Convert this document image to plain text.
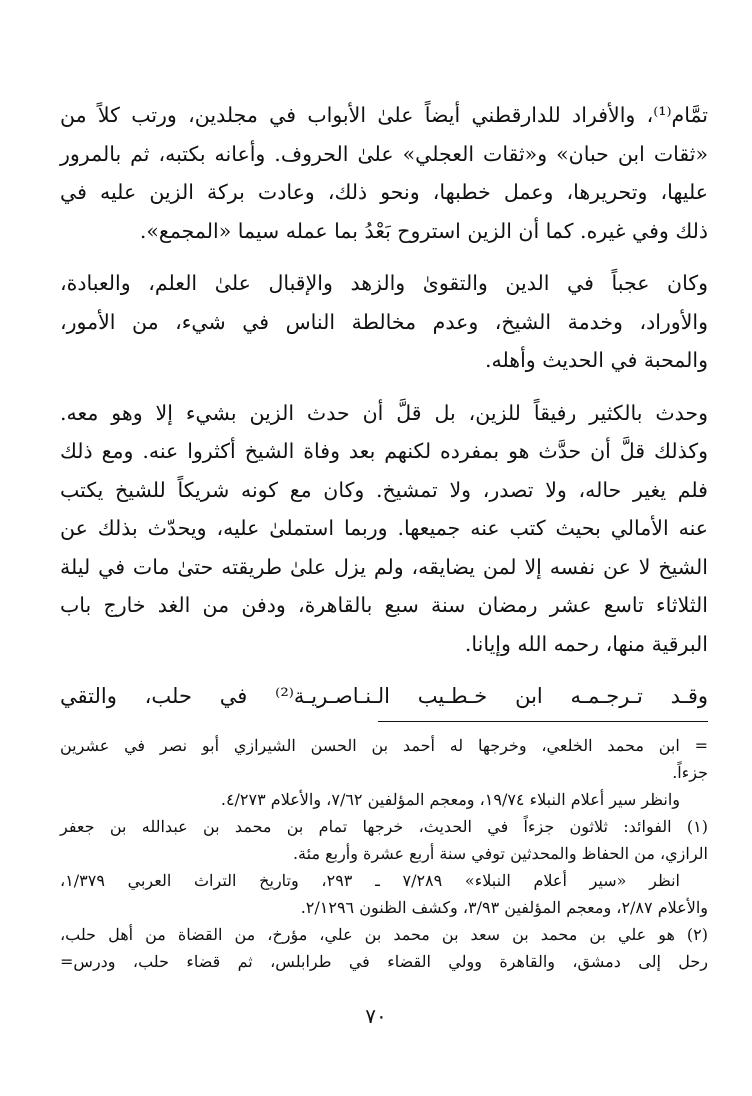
تمَّام⁽¹⁾، والأفراد للدارقطني أيضاً علىٰ الأبواب في مجلدين، ورتب كلاً من
«ثقات ابن حبان» و«ثقات العجلي» علىٰ الحروف. وأعانه بكتبه، ثم بالمرور
عليها، وتحريرها، وعمل خطبها، ونحو ذلك، وعادت بركة الزين عليه في
ذلك وفي غيره. كما أن الزين استروح بَعْدُ بما عمله سيما «المجمع».
وكان عجباً في الدين والتقوىٰ والزهد والإقبال علىٰ العلم، والعبادة،
والأوراد، وخدمة الشيخ، وعدم مخالطة الناس في شيء، من الأمور،
والمحبة في الحديث وأهله.
وحدث بالكثير رفيقاً للزين، بل قلَّ أن حدث الزين بشيء إلا وهو معه.
وكذلك قلَّ أن حدَّث هو بمفرده لكنهم بعد وفاة الشيخ أكثروا عنه. ومع ذلك
فلم يغير حاله، ولا تصدر، ولا تمشيخ. وكان مع كونه شريكاً للشيخ يكتب
عنه الأمالي بحيث كتب عنه جميعها. وربما استملىٰ عليه، ويحدّث بذلك عن
الشيخ لا عن نفسه إلا لمن يضايقه، ولم يزل علىٰ طريقته حتىٰ مات في ليلة
الثلاثاء تاسع عشر رمضان سنة سبع بالقاهرة، ودفن من الغد خارج باب
البرقية منها، رحمه الله وإيانا.
وقـد تـرجـمـه ابن خـطـيب الـنـاصـريـة⁽²⁾ في حلب، والتقي
= ابن محمد الخلعي، وخرجها له أحمد بن الحسن الشيرازي أبو نصر في عشرين
جزءاً.
وانظر سير أعلام النبلاء ١٩/٧٤، ومعجم المؤلفين ٧/٦٢، والأعلام ٤/٢٧٣.
(١) الفوائد: ثلاثون جزءاً في الحديث، خرجها تمام بن محمد بن عبدالله بن جعفر
الرازي، من الحفاظ والمحدثين توفي سنة أربع عشرة وأربع مئة.
انظر «سير أعلام النبلاء» ٧/٢٨٩ ـ ٢٩٣، وتاريخ التراث العربي ١/٣٧٩،
والأعلام ٢/٨٧، ومعجم المؤلفين ٣/٩٣، وكشف الظنون ٢/١٢٩٦.
(٢) هو علي بن محمد بن سعد بن محمد بن علي، مؤرخ، من القضاة من أهل حلب،
رحل إلى دمشق، والقاهرة وولي القضاء في طرابلس، ثم قضاء حلب، ودرس=
٧٠
